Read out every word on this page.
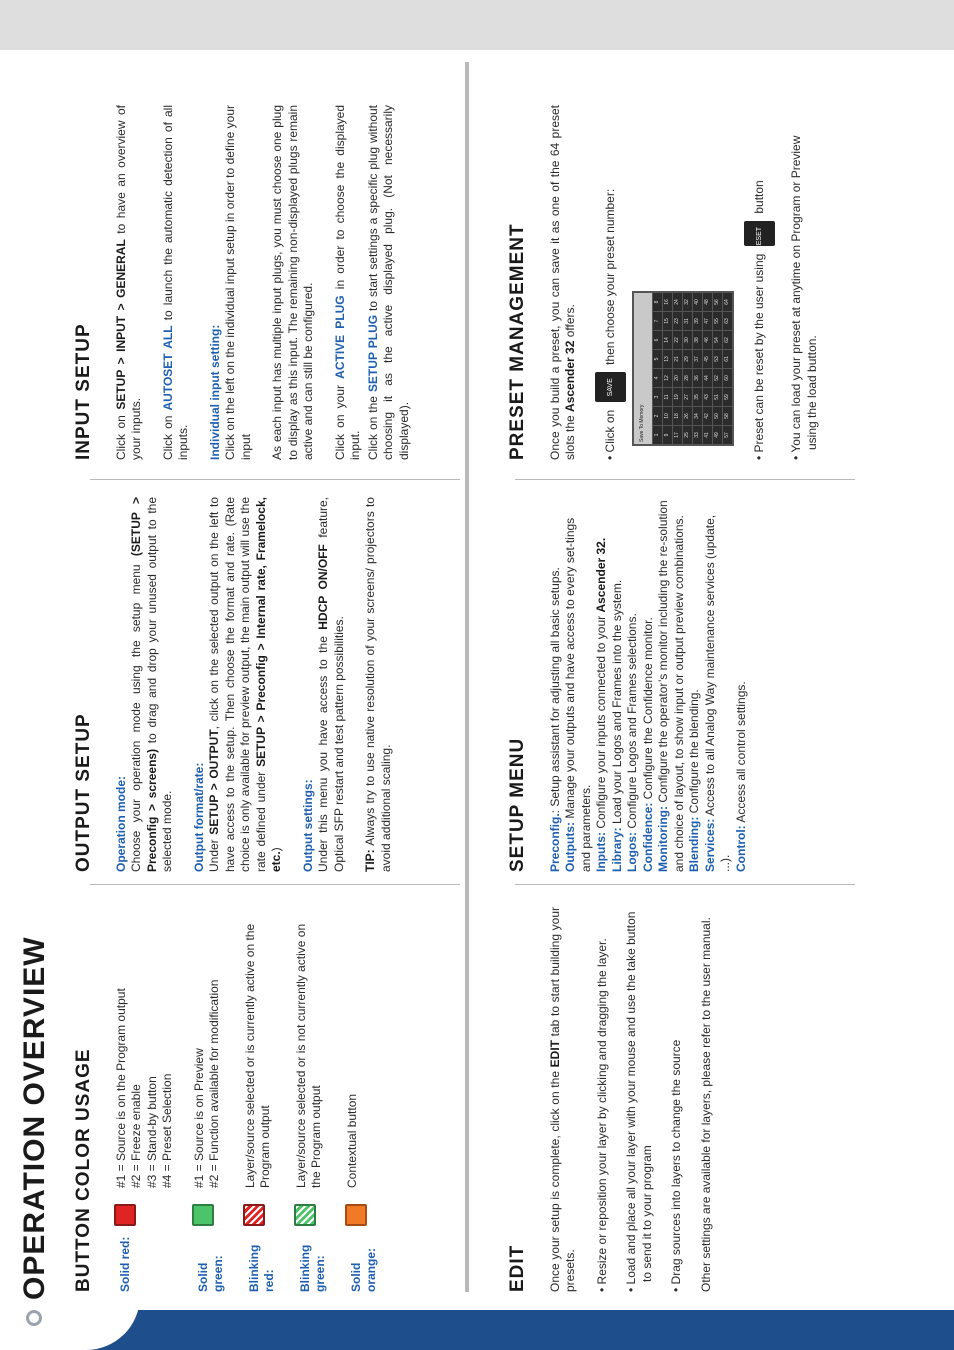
OPERATION OVERVIEW BUTTON COLOR USAGE	Solid red:
#1 = Source is on the Program output #2 = Freeze enable #3 = Stand-by button #4 = Preset Selection
Solid green:
#1 = Source is on Preview #2 = Function available for modification
Blinking red:
Layer/source selected or is currently active on the Program output
Blinking green:
Layer/source selected or is not currently active on the Program output
Solid orange:
Contextual button
OUTPUT SETUP Operation mode: Choose your operation mode using the setup menu (SETUP > Preconfig > screens) to drag and drop your unused output to the selected mode. Output format/rate: Under SETUP > OUTPUT, click on the selected output on the left to have access to the setup. Then choose the format and rate. (Rate choice is only available for preview output, the main output will use the rate defined under SETUP > Preconfig > Internal rate, Framelock, etc.) Output settings: Under this menu you have access to the HDCP ON/OFF feature, Optical SFP restart and test pattern possibilities. TIP: Always try to use native resolution of your screens/ projectors to avoid additional scaling.
INPUT SETUP Click on SETUP > INPUT > GENERAL to have an overview of your inputs. Click on AUTOSET ALL to launch the automatic detection of all inputs. Individual input setting: Click on the left on the individual input setup in order to define your input As each input has multiple input plugs, you must choose one plug to display as this input. The remaining non-displayed plugs remain active and can still be configured. Click on your ACTIVE PLUG in order to choose the displayed input. Click on the SETUP PLUG to start settings a specific plug without choosing it as the active displayed plug. (Not necessarily displayed).
EDIT Once your setup is complete, click on the EDIT tab to start building your presets. • Resize or reposition your layer by clicking and dragging the layer. • Load and place all your layer with your mouse and use the take button to send it to your program • Drag sources into layers to change the source Other settings are available for layers, please refer to the user manual.
SETUP MENU Preconfig.: Setup assistant for adjusting all basic setups.
Outputs: Manage your outputs and have access to every set-tings and parameters. Inputs: Configure your inputs connected to your Ascender 32.
Library: Load your Logos and Frames into the system.
Logos: Configure Logos and Frames selections.
Confidence: Configure the Confidence monitor.
Monitoring: Configure the operator’s monitor including the re-solution and choice of layout, to show input or output preview combinations. Blending: Configure the blending.
Services: Access to all Analog Way maintenance services (update, ...). Control: Access all control settings.
PRESET MANAGEMENT Once you build a preset, you can save it as one of the 64 preset slots the Ascender 32 offers.
• Click on SAVE then choose your preset number:
Save To Memory	1
2
3
4
5
6
7
8
9
10
11
12
13
14
15
16
17
18
19
20
21
22
23
24
25
26
27
28
29
30
31
32
33
34
35
36
37
38
39
40
41
42
43
44
45
46
47
48
49
50
51
52
53
54
55
56
57
58
59
60
61
62
63
64
• Preset can be reset by the user using RESET button
• You can load your preset at anytime on Program or Preview using the load button.
